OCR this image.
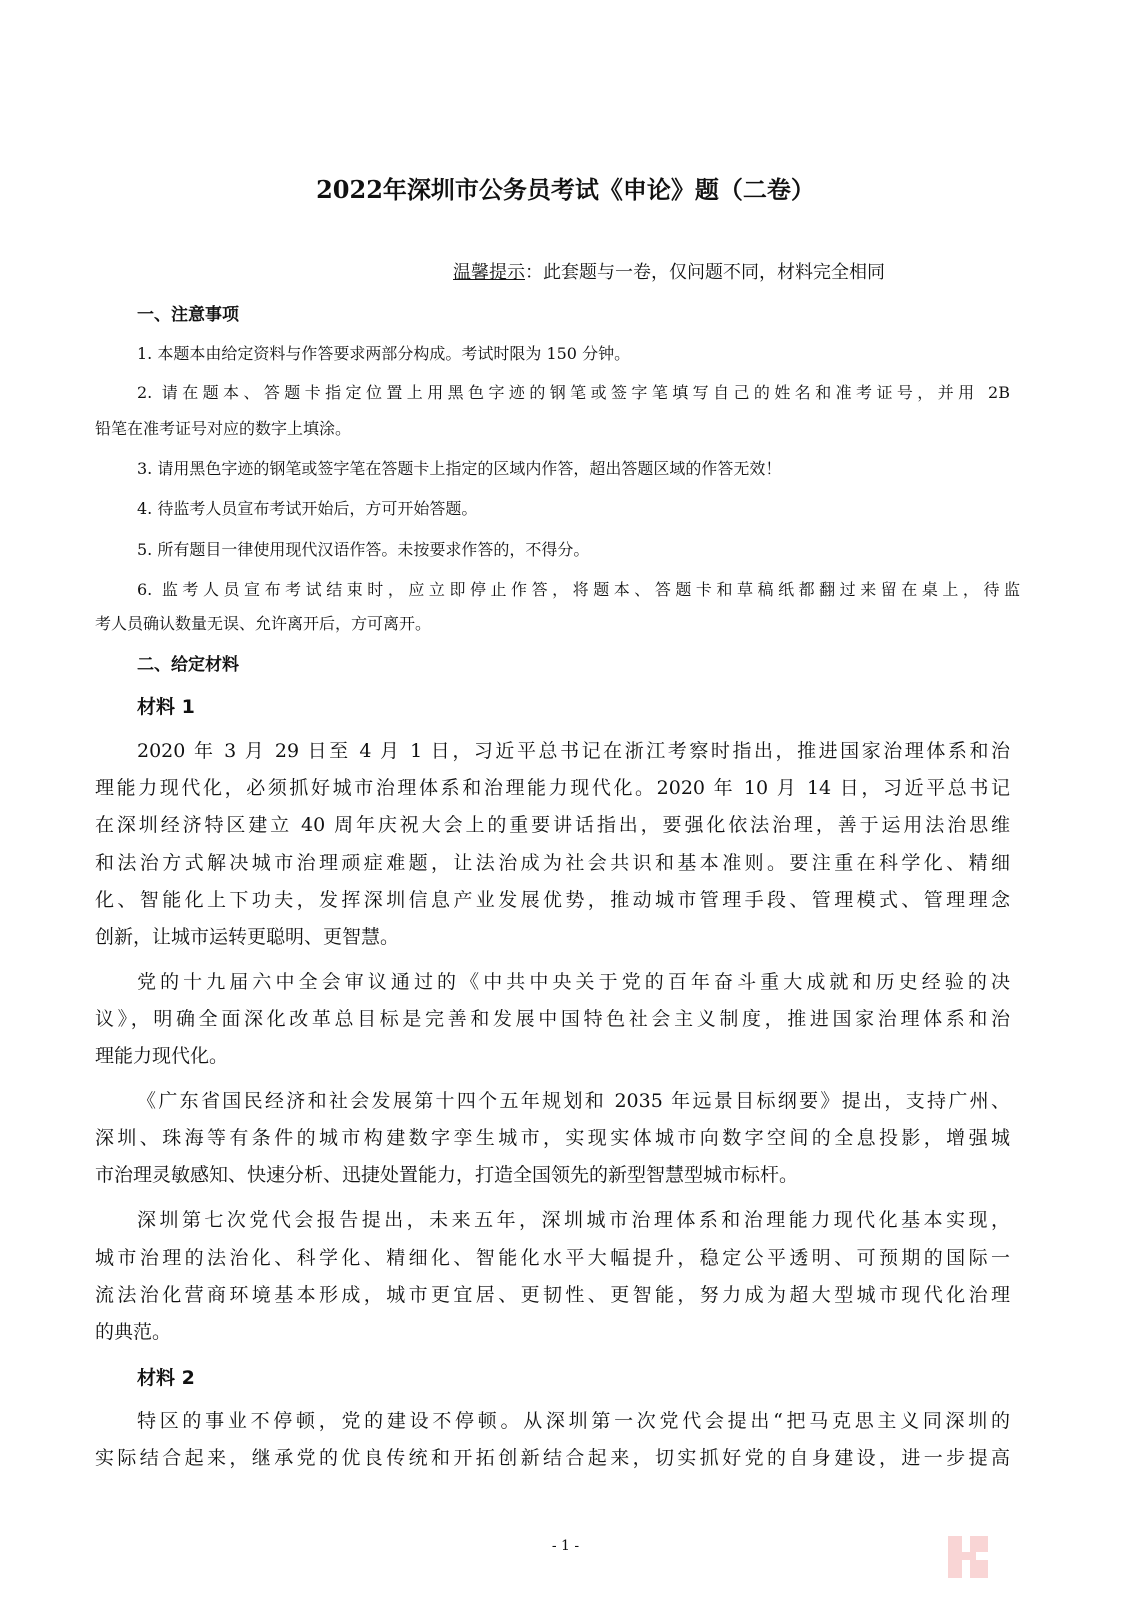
2022年深圳市公务员考试《申论》题（二卷）
温馨提示：此套题与一卷，仅问题不同，材料完全相同
一、注意事项
1. 本题本由给定资料与作答要求两部分构成。考试时限为 150 分钟。
2. 请在题本、答题卡指定位置上用黑色字迹的钢笔或签字笔填写自己的姓名和准考证号，并用 2B
铅笔在准考证号对应的数字上填涂。
3. 请用黑色字迹的钢笔或签字笔在答题卡上指定的区域内作答，超出答题区域的作答无效！
4. 待监考人员宣布考试开始后，方可开始答题。
5. 所有题目一律使用现代汉语作答。未按要求作答的，不得分。
6. 监考人员宣布考试结束时，应立即停止作答，将题本、答题卡和草稿纸都翻过来留在桌上，待监
考人员确认数量无误、允许离开后，方可离开。
二、给定材料
材料 1
2020 年 3 月 29 日至 4 月 1 日，习近平总书记在浙江考察时指出，推进国家治理体系和治
理能力现代化，必须抓好城市治理体系和治理能力现代化。2020 年 10 月 14 日，习近平总书记
在深圳经济特区建立 40 周年庆祝大会上的重要讲话指出，要强化依法治理，善于运用法治思维
和法治方式解决城市治理顽症难题，让法治成为社会共识和基本准则。要注重在科学化、精细
化、智能化上下功夫，发挥深圳信息产业发展优势，推动城市管理手段、管理模式、管理理念
创新，让城市运转更聪明、更智慧。
党的十九届六中全会审议通过的《中共中央关于党的百年奋斗重大成就和历史经验的决
议》，明确全面深化改革总目标是完善和发展中国特色社会主义制度，推进国家治理体系和治
理能力现代化。
《广东省国民经济和社会发展第十四个五年规划和 2035 年远景目标纲要》提出，支持广州、
深圳、珠海等有条件的城市构建数字孪生城市，实现实体城市向数字空间的全息投影，增强城
市治理灵敏感知、快速分析、迅捷处置能力，打造全国领先的新型智慧型城市标杆。
深圳第七次党代会报告提出，未来五年，深圳城市治理体系和治理能力现代化基本实现，
城市治理的法治化、科学化、精细化、智能化水平大幅提升，稳定公平透明、可预期的国际一
流法治化营商环境基本形成，城市更宜居、更韧性、更智能，努力成为超大型城市现代化治理
的典范。
材料 2
特区的事业不停顿，党的建设不停顿。从深圳第一次党代会提出“把马克思主义同深圳的
实际结合起来，继承党的优良传统和开拓创新结合起来，切实抓好党的自身建设，进一步提高
- 1 -
